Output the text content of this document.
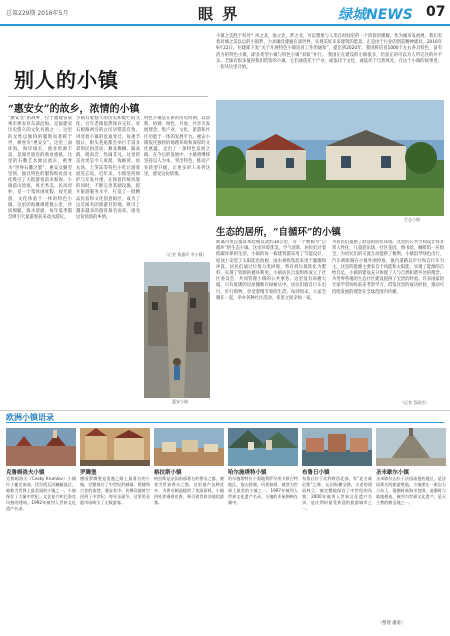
总第229期 2016年5月	眼 界	绿城NEWS 07
别人的小镇
小镇之美胜于何处？风之北，海之北，梦之北，可以想象与人类在时间里的一个阶段的理解。作为城市发展规，我们有着对城之美以后的小镇梦。力求融及建通在深世界，实现美好未来建筑的愿景，正是由于行业的创造精神建对。2016年9月22日，住建部下发“关于开展特色小镇培育工作的通知”，提出到2020年，我国将培育1000个左右各具特色、富有活力的特色小镇，即多类型小镇与特色小镇“双轨”并行。 我国正在建设的小镇很多，但真正的可以为人所记住的并不多。全球有很多值得我们借鉴的小镇，它们或依托于产业，或依托于文化，或依托于自然风光，在这个小镇的故事里，一切从这里开始。
“惠安女”的故乡，浓情的小镇
“惠安女”的故乡，位于福建省泉州市惠安县东部沿海，是福建省历史悠久的文化名镇之一。这里的女性以独特的服饰而著称于世，被誉为“惠安女”。这里三面环海，海岸线长，渔业资源丰富，是闻名遐迩的渔业重镇。这里的石雕艺术源远流长，被誉为“世界石雕之都”。惠安女勤劳坚韧，独具特色的服饰和民俗文化吸引了大批游客前来参观。小镇依山傍海，风光秀美，民风淳朴，是一个集休闲度假、观光旅游、文化体验于一体的特色小镇。这里的海滩绵延数公里，沙质细腻，海水清澈，每年夏季都会吸引大量游客前来戏水游玩。
小镇有着悠久的历史和灿烂的文化，百年老街依然保存完好，青石板路两旁的古民居错落有致，讲述着小镇的沧桑变迁。每逢节假日，街头巷尾都会举行丰富多彩的民俗活动，舞龙舞狮、踩高跷、唱南音，热闹非凡。这里的美食更是令人垂涎，海蛎煎、鱼丸汤、土笋冻等特色小吃让游客流连忘返。近年来，小镇坚持保护与开发并重，在保留传统风貌的同时，不断完善基础设施，提升旅游服务水平，打造了一批精品民宿和文化创意街区，成为了远近闻名的旅游目的地，吸引了越来越多的游客慕名而来，感受这份浓浓的乡情。
特色小镇是在新的历史时期，以创新、协调、绿色、开放、共享为发展理念，集产业、文化、旅游和社区功能于一体的发展平台。惠安小镇依托独特的地理环境和深厚的文化底蕴，走出了一条特色发展之路。在今后的发展中，小镇将继续坚持以人为本，突出特色，推动产业转型升级，让更多的人来到这里，感受这份浓情。
（记者 黄惠玲 李小圆）
惠安小镇
生态小镇
生态的居所，“自循环”的小镇
距离丹麦首都哥本哈根以北约30公里，有一个被称为“自循环”的生态小镇。这里环境优美，空气清新，居民们过着低碳环保的生活。小镇的每一栋建筑都采用了节能设计，屋顶上安装了太阳能电池板，雨水被收集起来用于灌溉和冲洗。居民们通过垃圾分类回收，将有机垃圾转化为肥料，实现了资源的循环利用。小镇居民自发组织成立了社区委员会，共同管理小镇的公共事务。这里没有高楼大厦，只有低矮的房屋掩映在绿树丛中。居民们骑自行车出行，步行购物，享受着慢节奏的生活。每到周末，大家会聚在一起，举办各种社区活动，邻里之间亲如一家。
为居民们提供了舒适的居住环境。这里的公共空间设计得非常人性化，儿童游乐场、社区花园、图书馆、咖啡馆一应俱全，为居民们的交流互动提供了便利。小镇倡导绿色出行，汽车被限制在小镇外围停放，镇内道路以步行和自行车为主。这里的能源主要来自于风能和太阳能，实现了能源的自给自足。小镇的建设充分体现了人与自然和谐共处的理念，为世界各地的生态社区建设提供了宝贵的经验。许多国家的专家学者纷纷前来考察学习，借鉴这里的成功经验，推动可持续发展的理念在全球范围内传播。
（记者 蔡丽芳）
欧洲小镇语录
克鲁姆洛夫小镇
克鲁姆洛夫（Cesky Krumlov）小镇位于捷克南部，伏尔塔瓦河蜿蜒流过，被称为世界上最美丽的小镇之一。小镇保存了大量中世纪、文艺复兴和巴洛克风格的建筑，1992年被列入世界文化遗产名录。
罗腾堡
德国罗腾堡是浪漫之路上最著名的小镇，完整保存了中世纪的城墙、塔楼和古老的街巷，漫步其中，仿佛穿越时空回到了中世纪。每年圣诞节，这里的圣诞市场吸引了无数游客。
格拉斯小镇
格拉斯是法国南部著名的香水之都，被誉为世界香水之都。这里盛产各种花卉，为香水制造提供了优质原料，小镇四处弥漫着花香，吸引着世界各地的游客。
哈尔施塔特小镇
哈尔施塔特位于奥地利萨尔茨卡默古特地区，依山傍湖，风景如画，被誉为世界上最美的小镇之一，1997年被列入世界文化遗产名录，小镇的木屋倒映在湖中。
布鲁日小镇
布鲁日位于比利时西北部，有“北方威尼斯”之称，运河纵横交错，古老的建筑林立，被完整地保存了中世纪的风貌，2000年被列入世界文化遗产名录，是比利时最受欢迎的旅游城市之一。
圣米歇尔小镇
圣米歇尔山位于法国诺曼底地区，是法国著名的旅游胜地，小镇建在一座岩石小岛上，涨潮时被海水包围，退潮时与陆地相连，被列为世界文化遗产，是天主教的朝圣地之一。
（整理 潘道）
